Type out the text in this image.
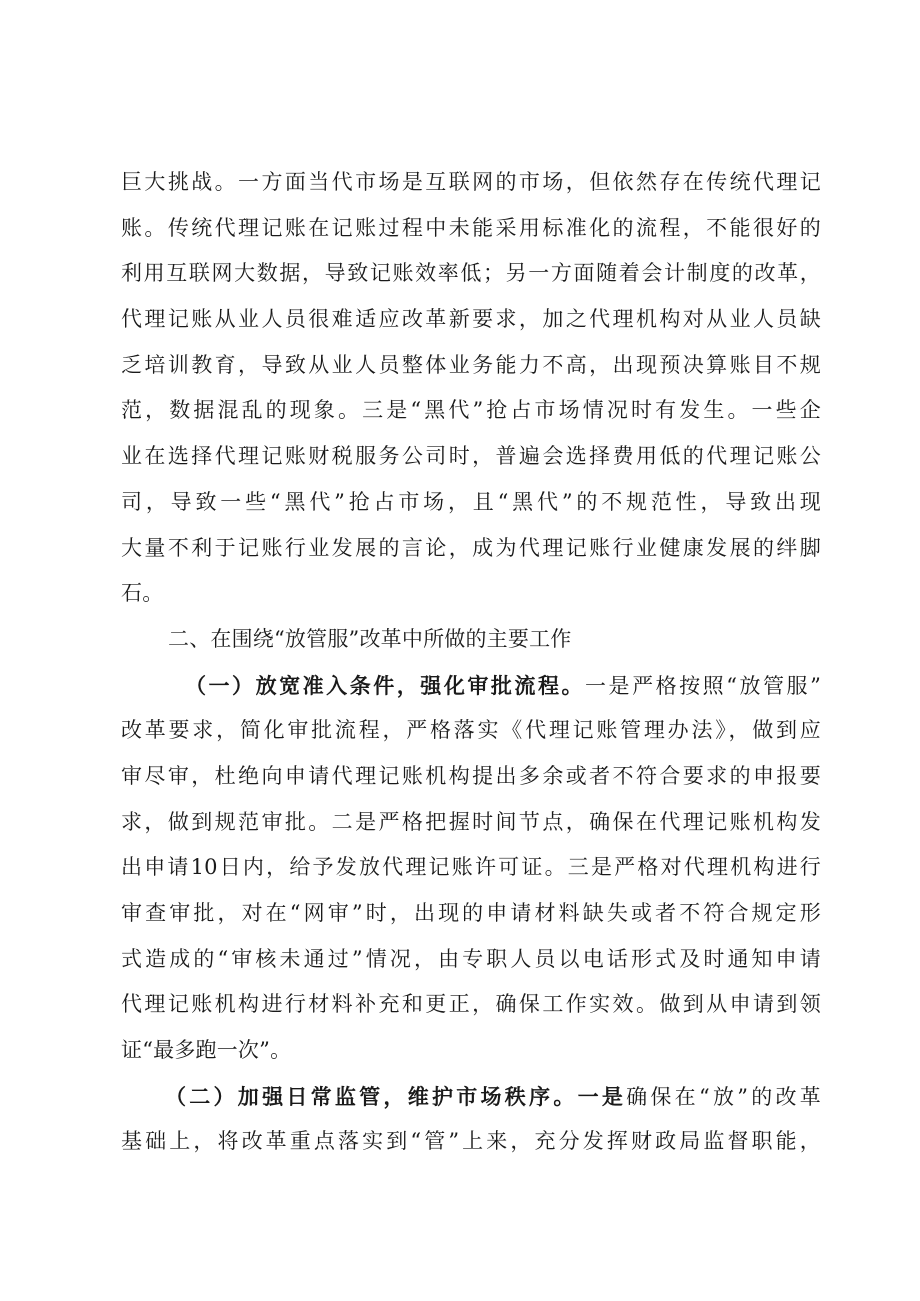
巨大挑战。一方面当代市场是互联网的市场，但依然存在传统代理记
账。传统代理记账在记账过程中未能采用标准化的流程，不能很好的
利用互联网大数据，导致记账效率低；另一方面随着会计制度的改革，
代理记账从业人员很难适应改革新要求，加之代理机构对从业人员缺
乏培训教育，导致从业人员整体业务能力不高，出现预决算账目不规
范，数据混乱的现象。三是“黑代”抢占市场情况时有发生。一些企
业在选择代理记账财税服务公司时，普遍会选择费用低的代理记账公
司，导致一些“黑代”抢占市场，且“黑代”的不规范性，导致出现
大量不利于记账行业发展的言论，成为代理记账行业健康发展的绊脚
石。
二、在围绕“放管服”改革中所做的主要工作
（一）放宽准入条件，强化审批流程。一是严格按照“放管服”
改革要求，简化审批流程，严格落实《代理记账管理办法》，做到应
审尽审，杜绝向申请代理记账机构提出多余或者不符合要求的申报要
求，做到规范审批。二是严格把握时间节点，确保在代理记账机构发
出申请10日内，给予发放代理记账许可证。三是严格对代理机构进行
审查审批，对在“网审”时，出现的申请材料缺失或者不符合规定形
式造成的“审核未通过”情况，由专职人员以电话形式及时通知申请
代理记账机构进行材料补充和更正，确保工作实效。做到从申请到领
证“最多跑一次”。
（二）加强日常监管，维护市场秩序。一是确保在“放”的改革
基础上，将改革重点落实到“管”上来，充分发挥财政局监督职能，
